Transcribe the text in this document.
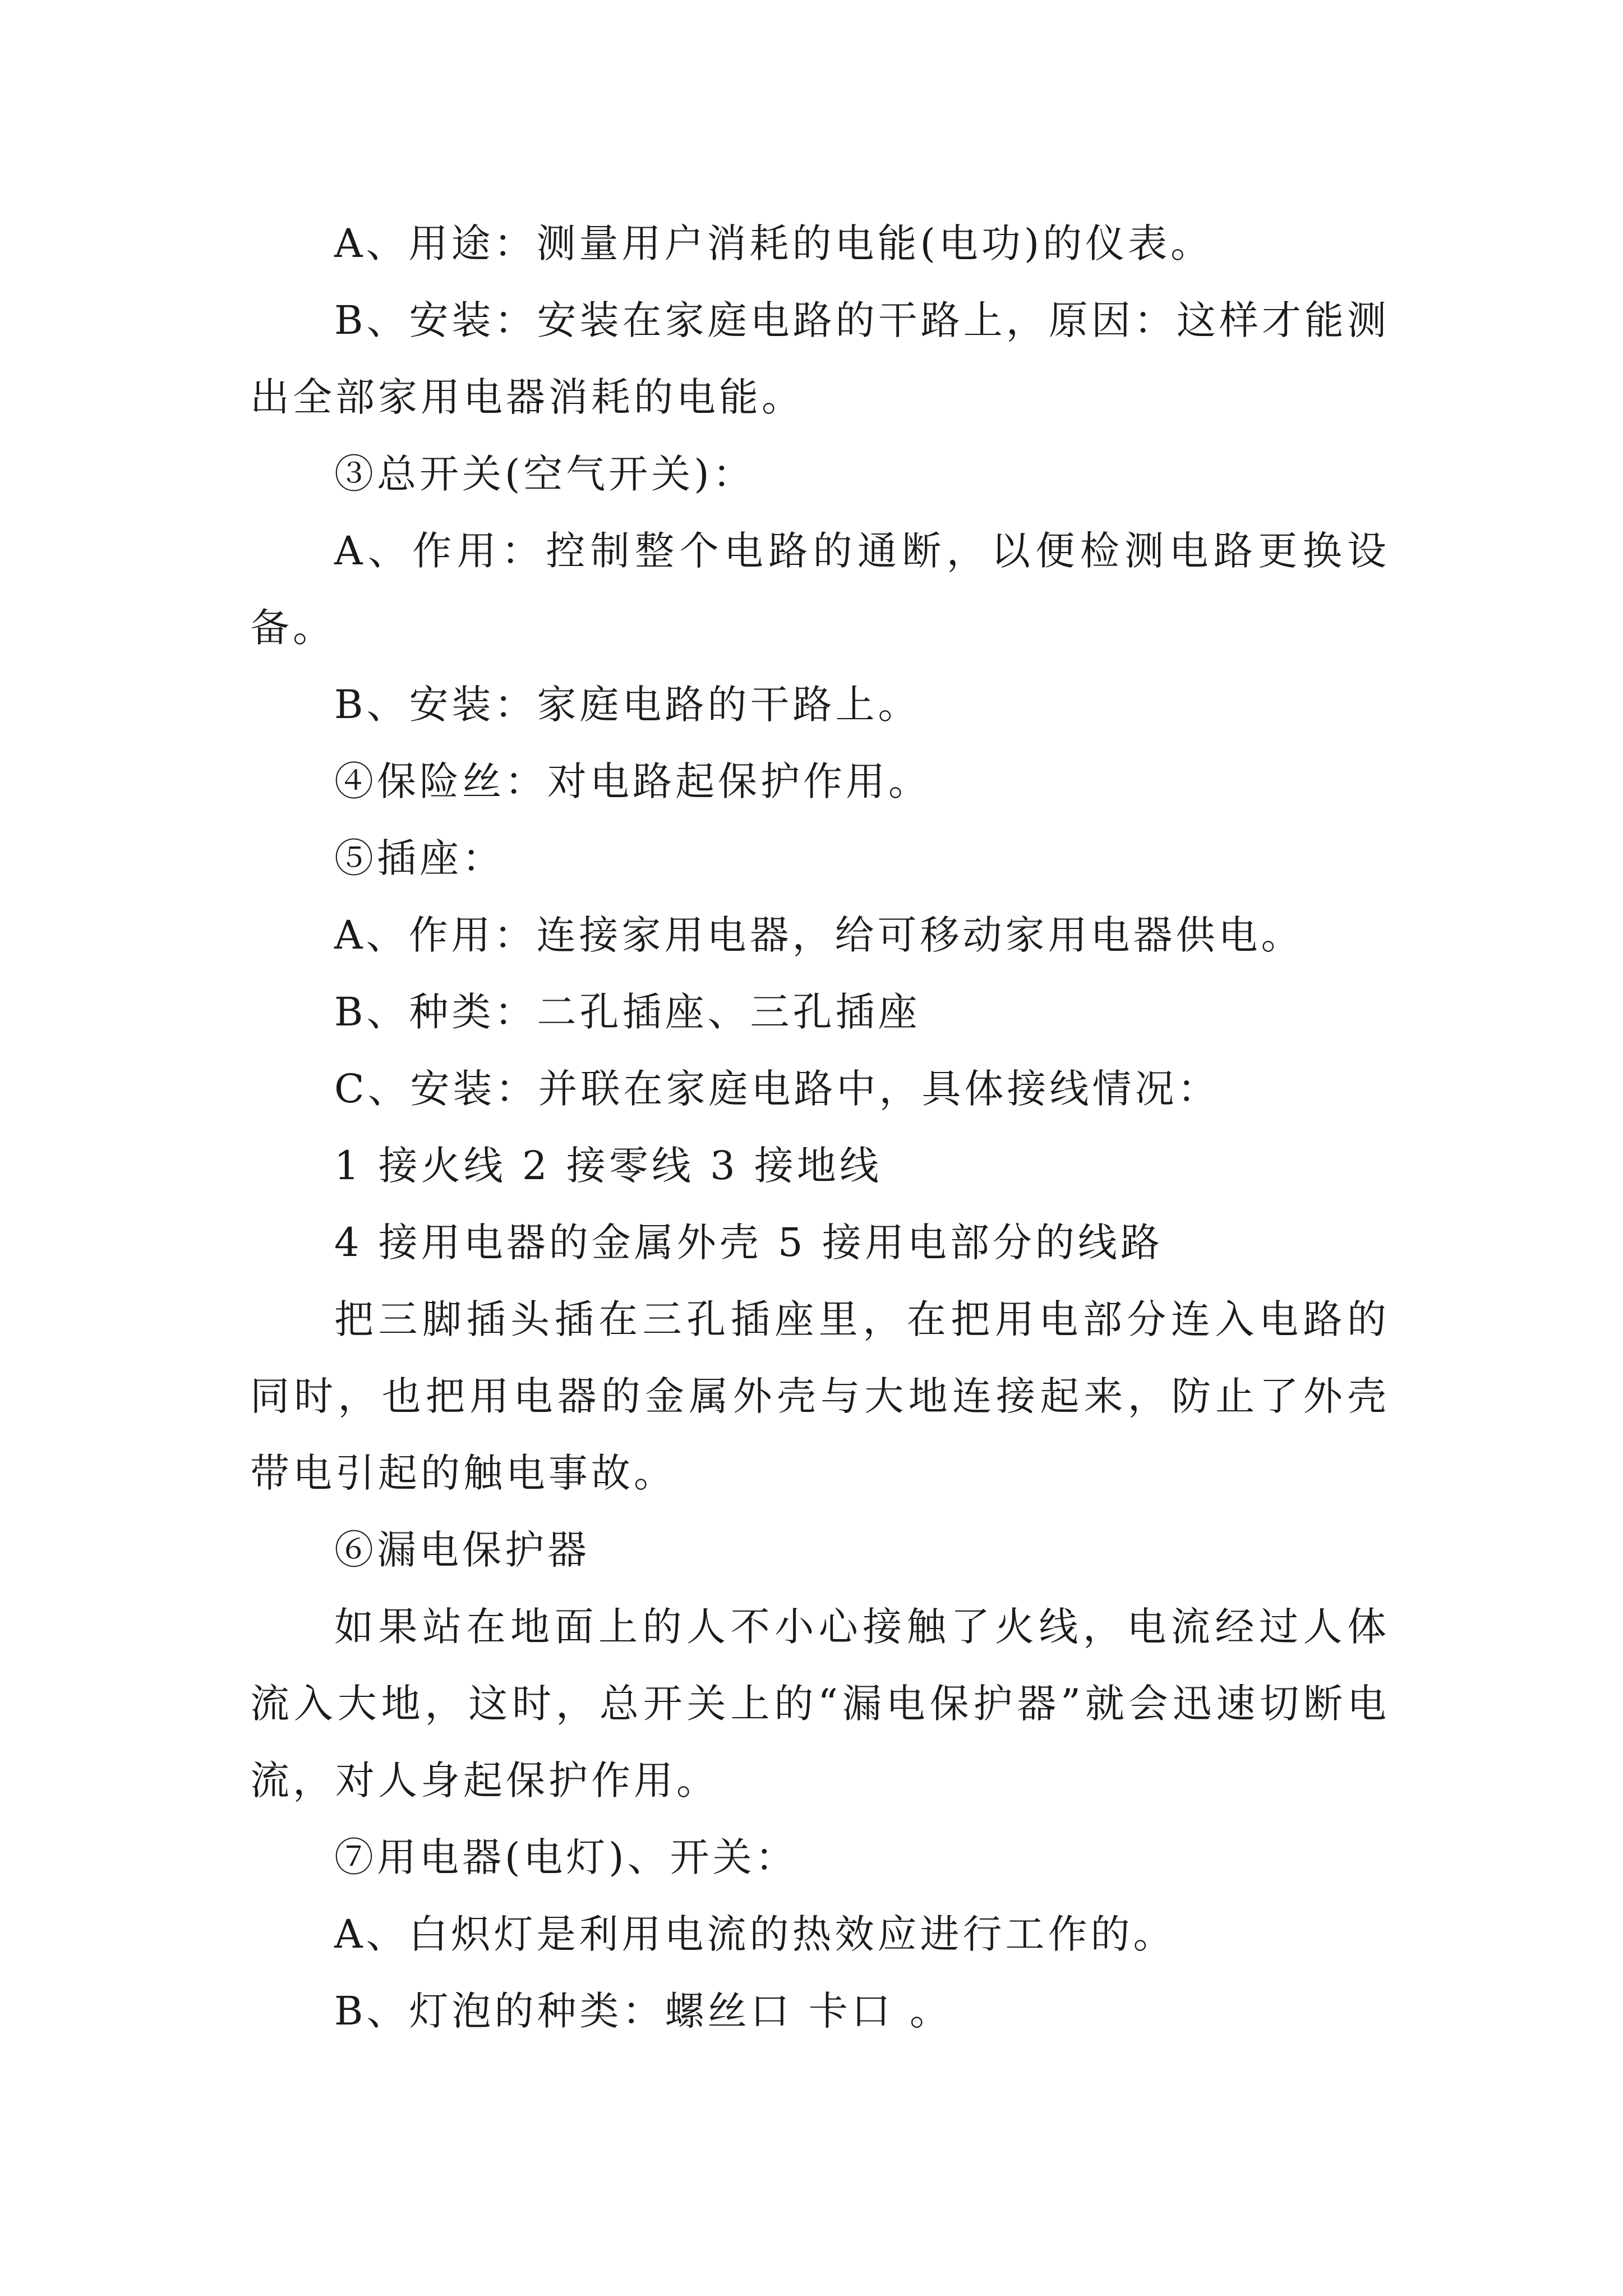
A、用途：测量用户消耗的电能(电功)的仪表。

B、安装：安装在家庭电路的干路上，原因：这样才能测出全部家用电器消耗的电能。

③总开关(空气开关)：

A、作用：控制整个电路的通断，以便检测电路更换设备。

B、安装：家庭电路的干路上。

④保险丝：对电路起保护作用。

⑤插座：

A、作用：连接家用电器，给可移动家用电器供电。

B、种类：二孔插座、三孔插座

C、安装：并联在家庭电路中，具体接线情况：

1 接火线 2 接零线 3 接地线

4 接用电器的金属外壳 5 接用电部分的线路

把三脚插头插在三孔插座里，在把用电部分连入电路的同时，也把用电器的金属外壳与大地连接起来，防止了外壳带电引起的触电事故。

⑥漏电保护器

如果站在地面上的人不小心接触了火线，电流经过人体流入大地，这时，总开关上的“漏电保护器”就会迅速切断电流，对人身起保护作用。

⑦用电器(电灯)、开关：

A、白炽灯是利用电流的热效应进行工作的。

B、灯泡的种类：螺丝口 卡口 。
